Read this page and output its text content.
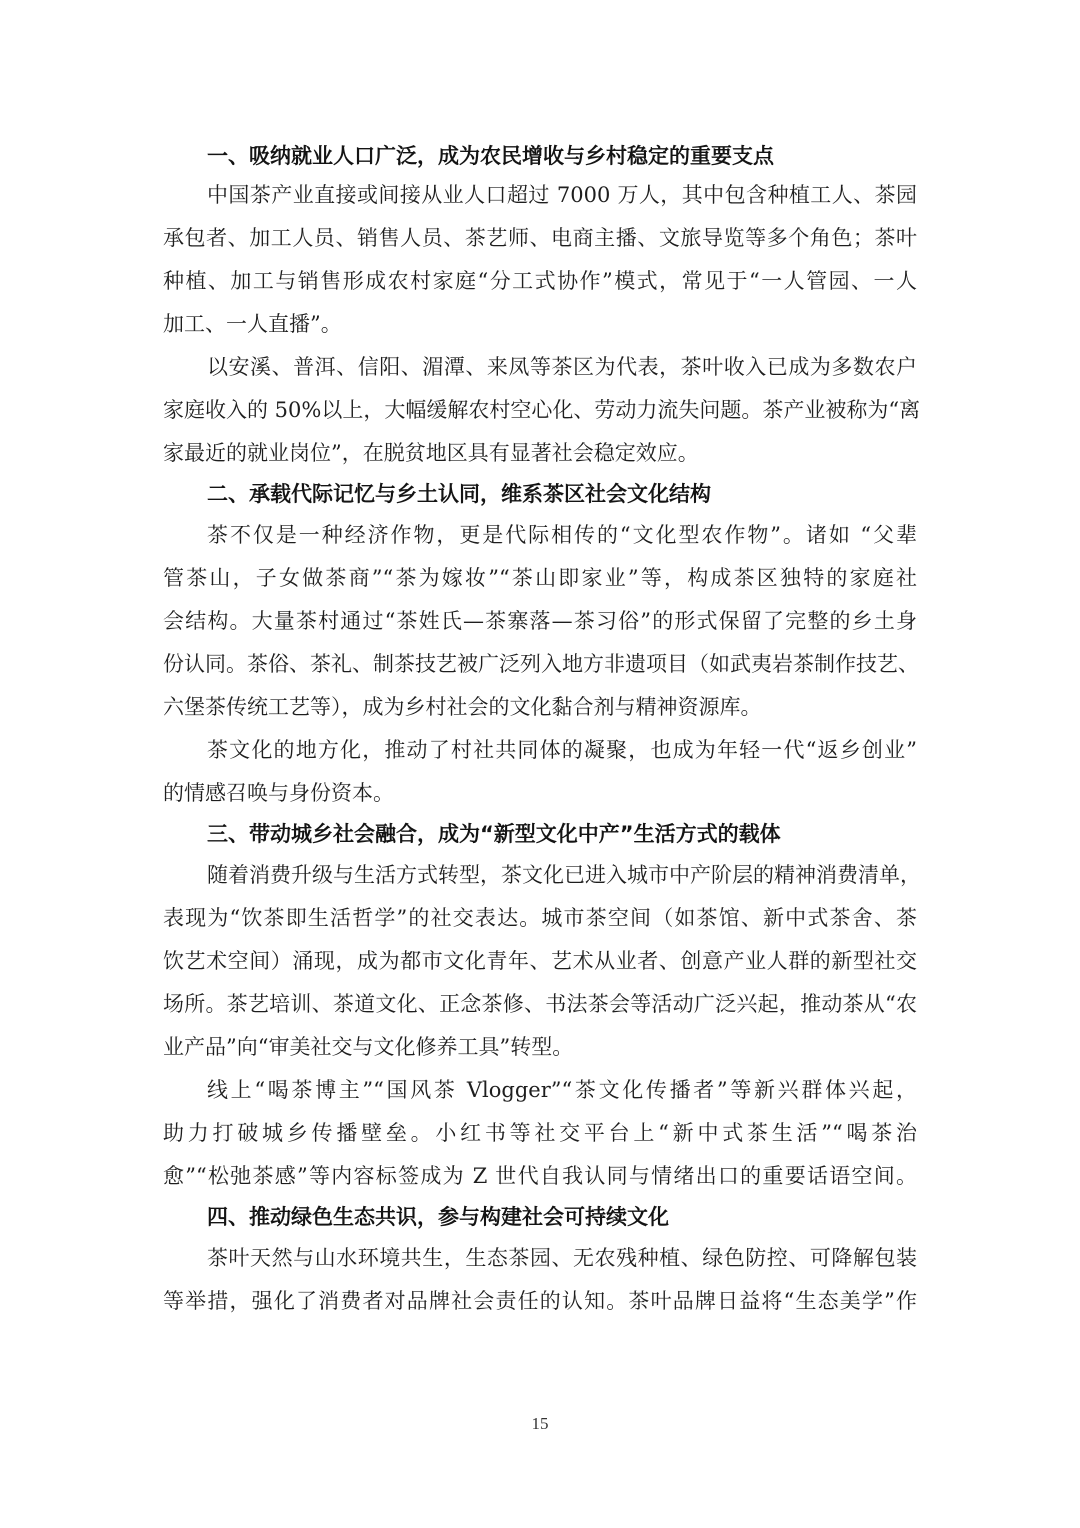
一、吸纳就业人口广泛，成为农民增收与乡村稳定的重要支点
中国茶产业直接或间接从业人口超过 7000 万人，其中包含种植工人、茶园
承包者、加工人员、销售人员、茶艺师、电商主播、文旅导览等多个角色；茶叶
种植、加工与销售形成农村家庭“分工式协作”模式，常见于“一人管园、一人
加工、一人直播”。
以安溪、普洱、信阳、湄潭、来凤等茶区为代表，茶叶收入已成为多数农户
家庭收入的 50%以上，大幅缓解农村空心化、劳动力流失问题。茶产业被称为“离
家最近的就业岗位”，在脱贫地区具有显著社会稳定效应。
二、承载代际记忆与乡土认同，维系茶区社会文化结构
茶不仅是一种经济作物，更是代际相传的“文化型农作物”。诸如 “父辈
管茶山，子女做茶商”“茶为嫁妆”“茶山即家业”等，构成茶区独特的家庭社
会结构。大量茶村通过“茶姓氏—茶寨落—茶习俗”的形式保留了完整的乡土身
份认同。茶俗、茶礼、制茶技艺被广泛列入地方非遗项目（如武夷岩茶制作技艺、
六堡茶传统工艺等），成为乡村社会的文化黏合剂与精神资源库。
茶文化的地方化，推动了村社共同体的凝聚，也成为年轻一代“返乡创业”
的情感召唤与身份资本。
三、带动城乡社会融合，成为“新型文化中产”生活方式的载体
随着消费升级与生活方式转型，茶文化已进入城市中产阶层的精神消费清单，
表现为“饮茶即生活哲学”的社交表达。城市茶空间（如茶馆、新中式茶舍、茶
饮艺术空间）涌现，成为都市文化青年、艺术从业者、创意产业人群的新型社交
场所。茶艺培训、茶道文化、正念茶修、书法茶会等活动广泛兴起，推动茶从“农
业产品”向“审美社交与文化修养工具”转型。
线上“喝茶博主”“国风茶 Vlogger”“茶文化传播者”等新兴群体兴起，
助力打破城乡传播壁垒。小红书等社交平台上“新中式茶生活”“喝茶治
愈”“松弛茶感”等内容标签成为 Z 世代自我认同与情绪出口的重要话语空间。
四、推动绿色生态共识，参与构建社会可持续文化
茶叶天然与山水环境共生，生态茶园、无农残种植、绿色防控、可降解包装
等举措，强化了消费者对品牌社会责任的认知。茶叶品牌日益将“生态美学”作
15
